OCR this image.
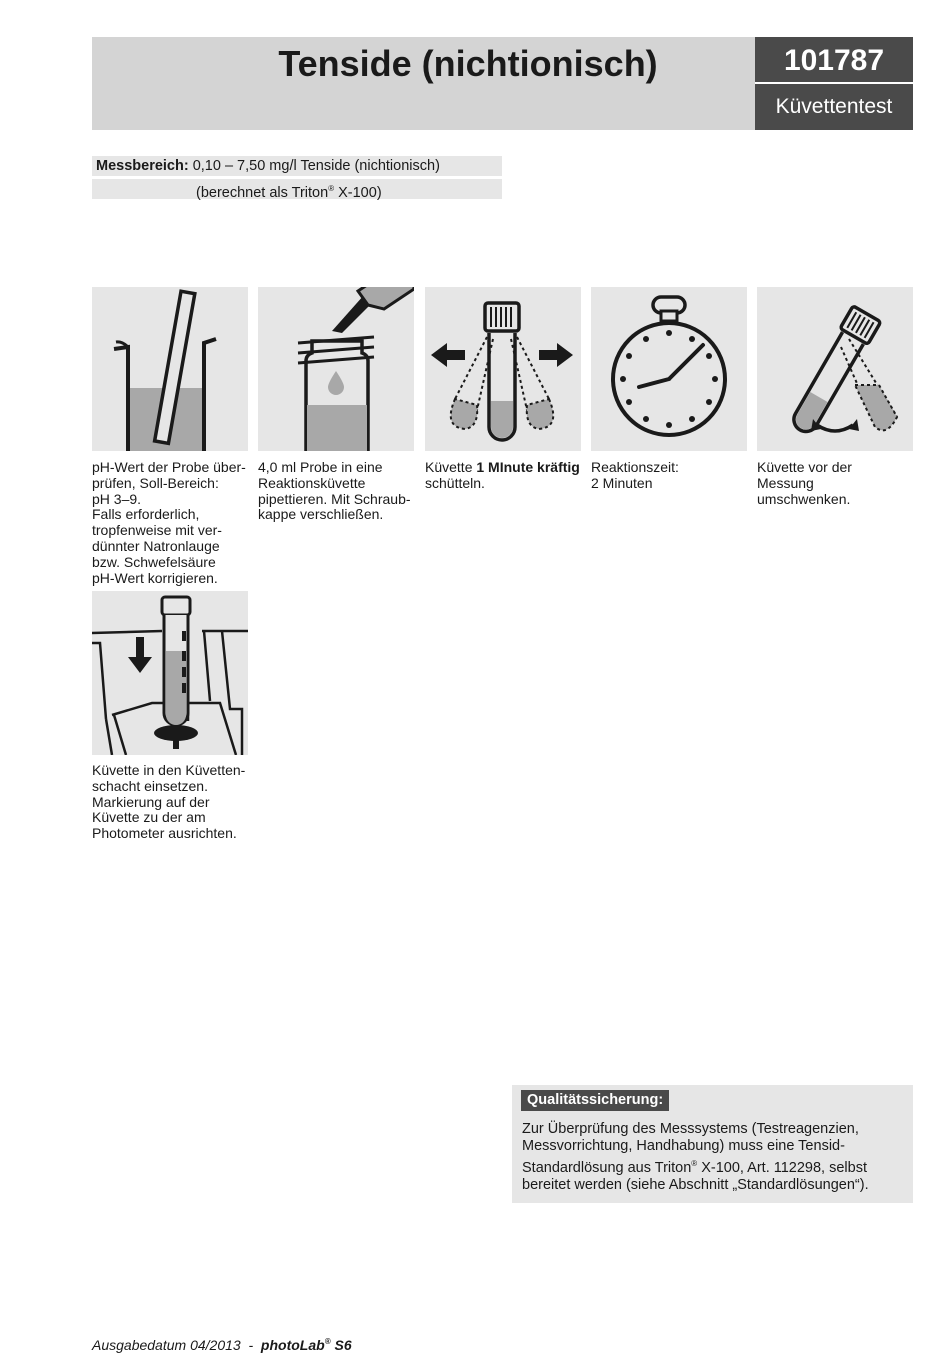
Tenside (nichtionisch)	101787
Küvettentest
Messbereich: 0,10 – 7,50 mg/l Tenside (nichtionisch)
(berechnet als Triton® X-100)
pH-Wert der Probe über-
prüfen, Soll-Bereich:
pH 3–9.
Falls erforderlich,
tropfenweise mit ver-
dünnter Natronlauge
bzw. Schwefelsäure
pH-Wert korrigieren.
4,0 ml Probe in eine
Reaktionsküvette
pipettieren. Mit Schraub-
kappe verschließen.
Küvette 1 MInute kräftig
schütteln.
Reaktionszeit:
2 Minuten
Küvette vor der
Messung
umschwenken.
Küvette in den Küvetten-
schacht einsetzen.
Markierung auf der
Küvette zu der am
Photometer ausrichten.
Qualitätssicherung:
Zur Überprüfung des Messsystems (Testreagenzien,
Messvorrichtung, Handhabung) muss eine Tensid-
Standardlösung aus Triton® X-100, Art. 112298, selbst
bereitet werden (siehe Abschnitt „Standardlösungen“).
Ausgabedatum 04/2013  -  photoLab® S6
